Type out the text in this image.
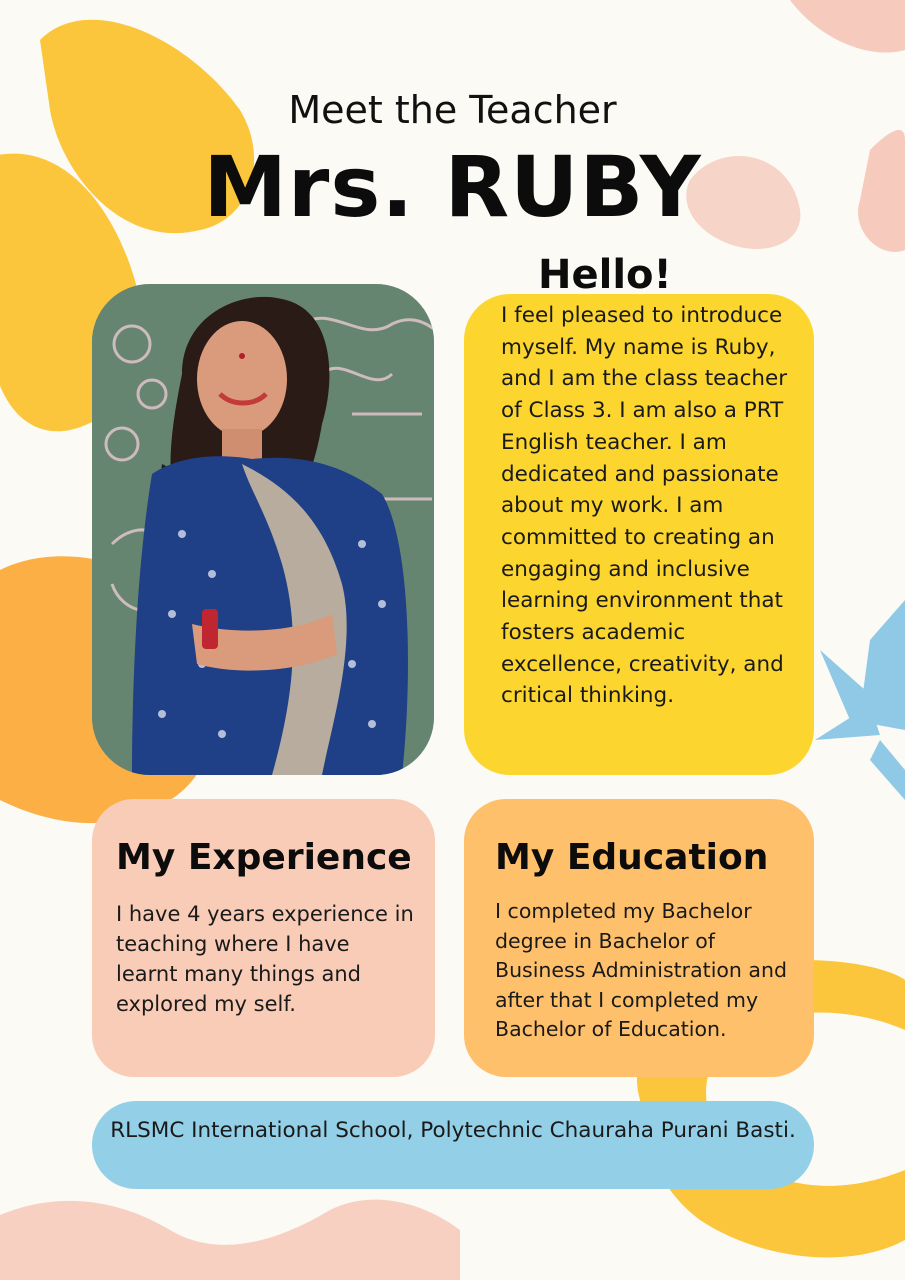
Meet the Teacher
Mrs. RUBY
Hello!
I feel pleased to introduce myself. My name is Ruby, and I am the class teacher of Class 3. I am also a PRT English teacher. I am dedicated and passionate about my work. I am committed to creating an engaging and inclusive learning environment that fosters academic excellence, creativity, and critical thinking.
My Experience
I have 4 years experience in teaching where I have learnt many things and explored my self.
My Education
I completed my Bachelor degree in Bachelor of Business Administration and after that I completed my Bachelor of Education.
RLSMC International School, Polytechnic Chauraha Purani Basti.
